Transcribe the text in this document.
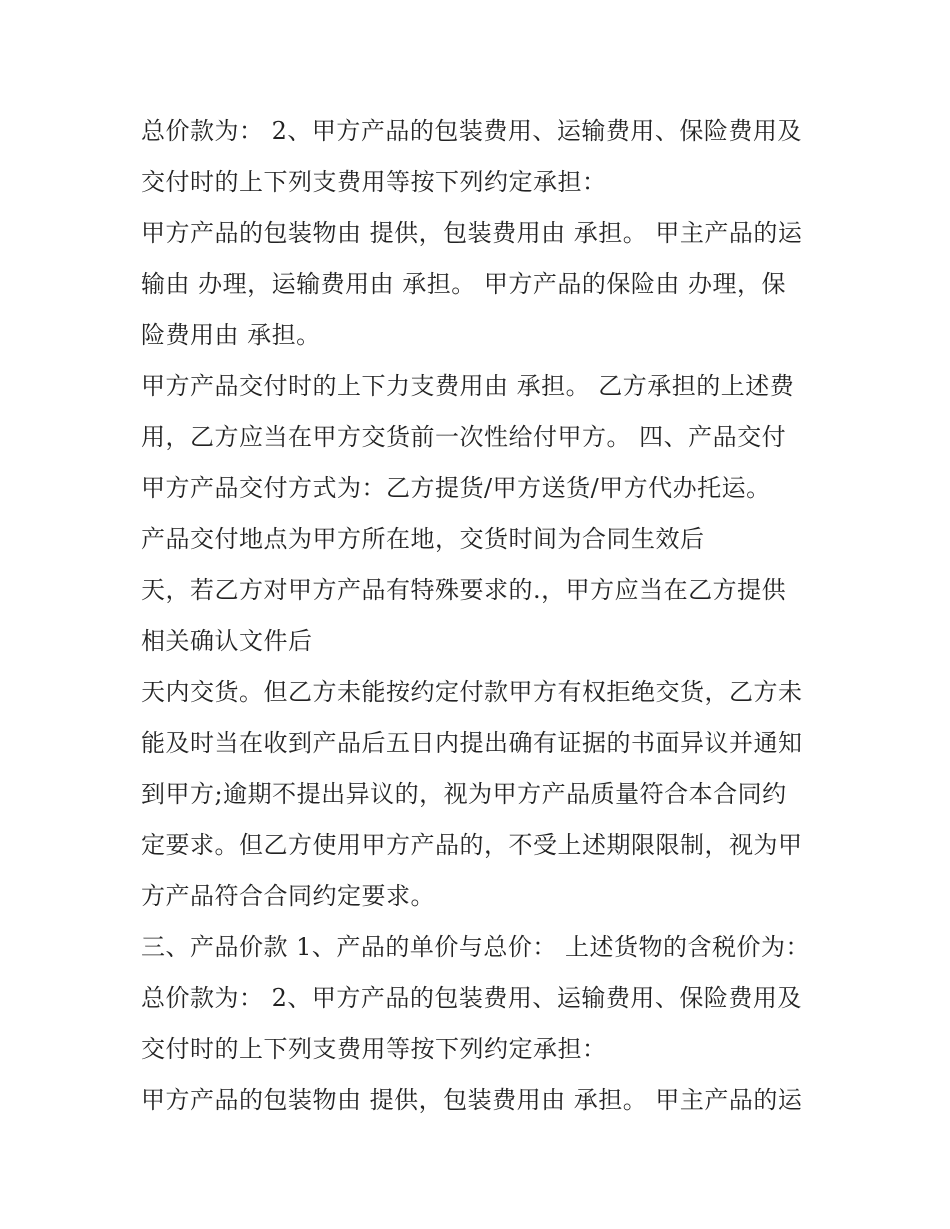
总价款为： 2、甲方产品的包装费用、运输费用、保险费用及
交付时的上下列支费用等按下列约定承担：
甲方产品的包装物由 提供，包装费用由 承担。 甲主产品的运
输由 办理，运输费用由 承担。 甲方产品的保险由 办理，保
险费用由 承担。
甲方产品交付时的上下力支费用由 承担。 乙方承担的上述费
用，乙方应当在甲方交货前一次性给付甲方。 四、产品交付
甲方产品交付方式为：乙方提货/甲方送货/甲方代办托运。
产品交付地点为甲方所在地，交货时间为合同生效后
天，若乙方对甲方产品有特殊要求的.，甲方应当在乙方提供
相关确认文件后
天内交货。但乙方未能按约定付款甲方有权拒绝交货，乙方未
能及时当在收到产品后五日内提出确有证据的书面异议并通知
到甲方;逾期不提出异议的，视为甲方产品质量符合本合同约
定要求。但乙方使用甲方产品的，不受上述期限限制，视为甲
方产品符合合同约定要求。
三、产品价款 1、产品的单价与总价： 上述货物的含税价为：
总价款为： 2、甲方产品的包装费用、运输费用、保险费用及
交付时的上下列支费用等按下列约定承担：
甲方产品的包装物由 提供，包装费用由 承担。 甲主产品的运
